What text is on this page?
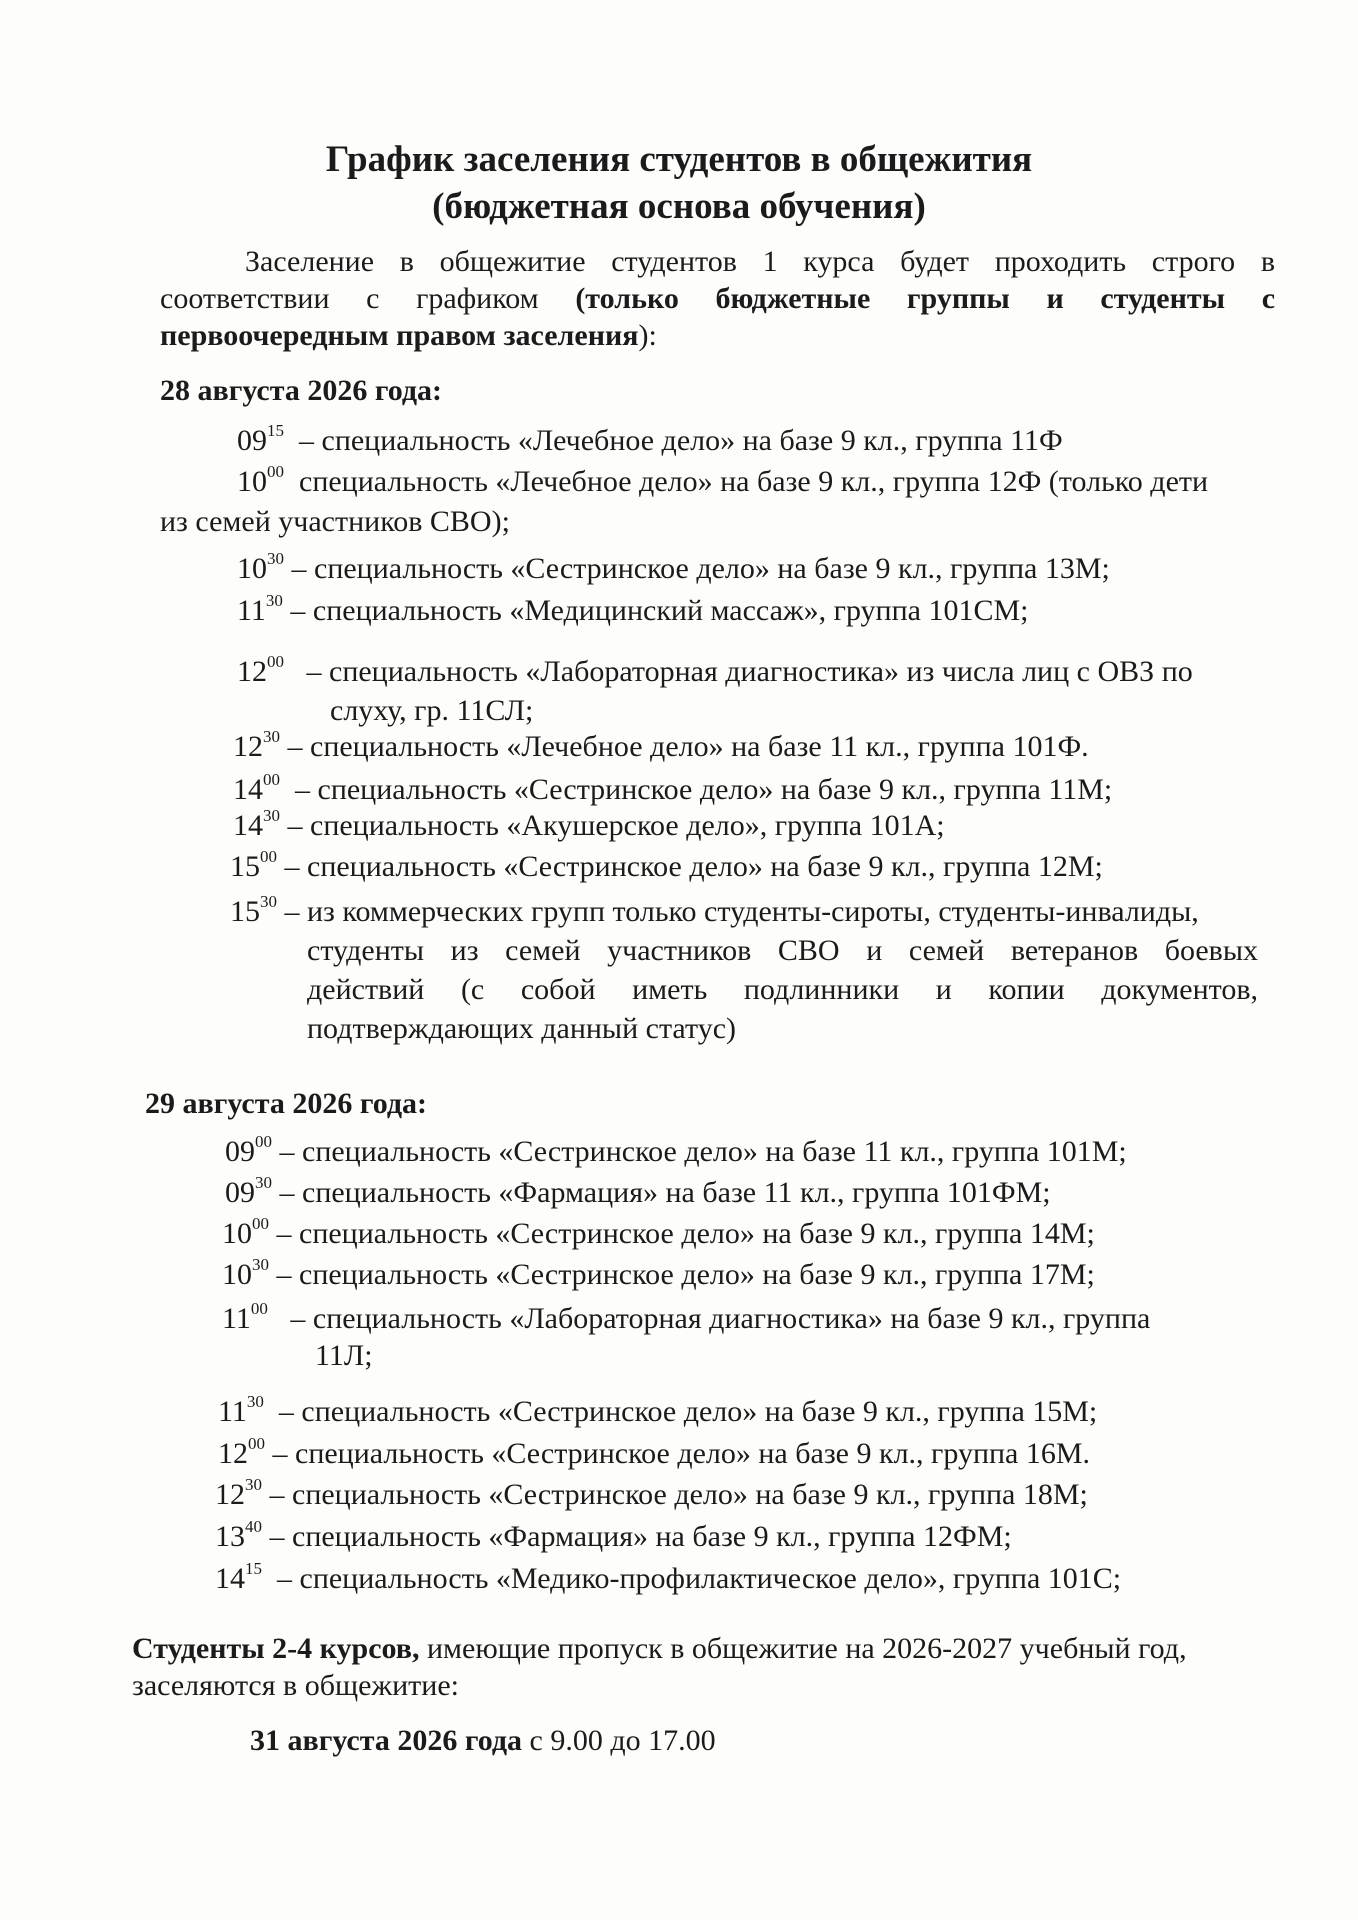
График заселения студентов в общежития
(бюджетная основа обучения)
Заселение в общежитие студентов 1 курса будет проходить строго в
соответствии с графиком (только бюджетные группы и студенты с
первоочередным правом заселения):
28 августа 2026 года:
$09^{15}$ – специальность «Лечебное дело» на базе 9 кл., группа 11Ф
$10^{00}$ специальность «Лечебное дело» на базе 9 кл., группа 12Ф (только дети
из семей участников СВО);
$10^{30}$ – специальность «Сестринское дело» на базе 9 кл., группа 13М;
$11^{30}$ – специальность «Медицинский массаж», группа 101СМ;
$12^{00}$ – специальность «Лабораторная диагностика» из числа лиц с ОВЗ по
слуху, гр. 11СЛ;
$12^{30}$ – специальность «Лечебное дело» на базе 11 кл., группа 101Ф.
$14^{00}$ – специальность «Сестринское дело» на базе 9 кл., группа 11М;
$14^{30}$ – специальность «Акушерское дело», группа 101А;
$15^{00}$ – специальность «Сестринское дело» на базе 9 кл., группа 12М;
$15^{30}$ – из коммерческих групп только студенты-сироты, студенты-инвалиды,
студенты из семей участников СВО и семей ветеранов боевых
действий (с собой иметь подлинники и копии документов,
подтверждающих данный статус)
29 августа 2026 года:
$09^{00}$ – специальность «Сестринское дело» на базе 11 кл., группа 101М;
$09^{30}$ – специальность «Фармация» на базе 11 кл., группа 101ФМ;
$10^{00}$ – специальность «Сестринское дело» на базе 9 кл., группа 14М;
$10^{30}$ – специальность «Сестринское дело» на базе 9 кл., группа 17М;
$11^{00}$ – специальность «Лабораторная диагностика» на базе 9 кл., группа
11Л;
$11^{30}$ – специальность «Сестринское дело» на базе 9 кл., группа 15М;
$12^{00}$ – специальность «Сестринское дело» на базе 9 кл., группа 16М.
$12^{30}$ – специальность «Сестринское дело» на базе 9 кл., группа 18М;
$13^{40}$ – специальность «Фармация» на базе 9 кл., группа 12ФМ;
$14^{15}$ – специальность «Медико-профилактическое дело», группа 101С;
Студенты 2-4 курсов, имеющие пропуск в общежитие на 2026-2027 учебный год,
заселяются в общежитие:
31 августа 2026 года с 9.00 до 17.00
